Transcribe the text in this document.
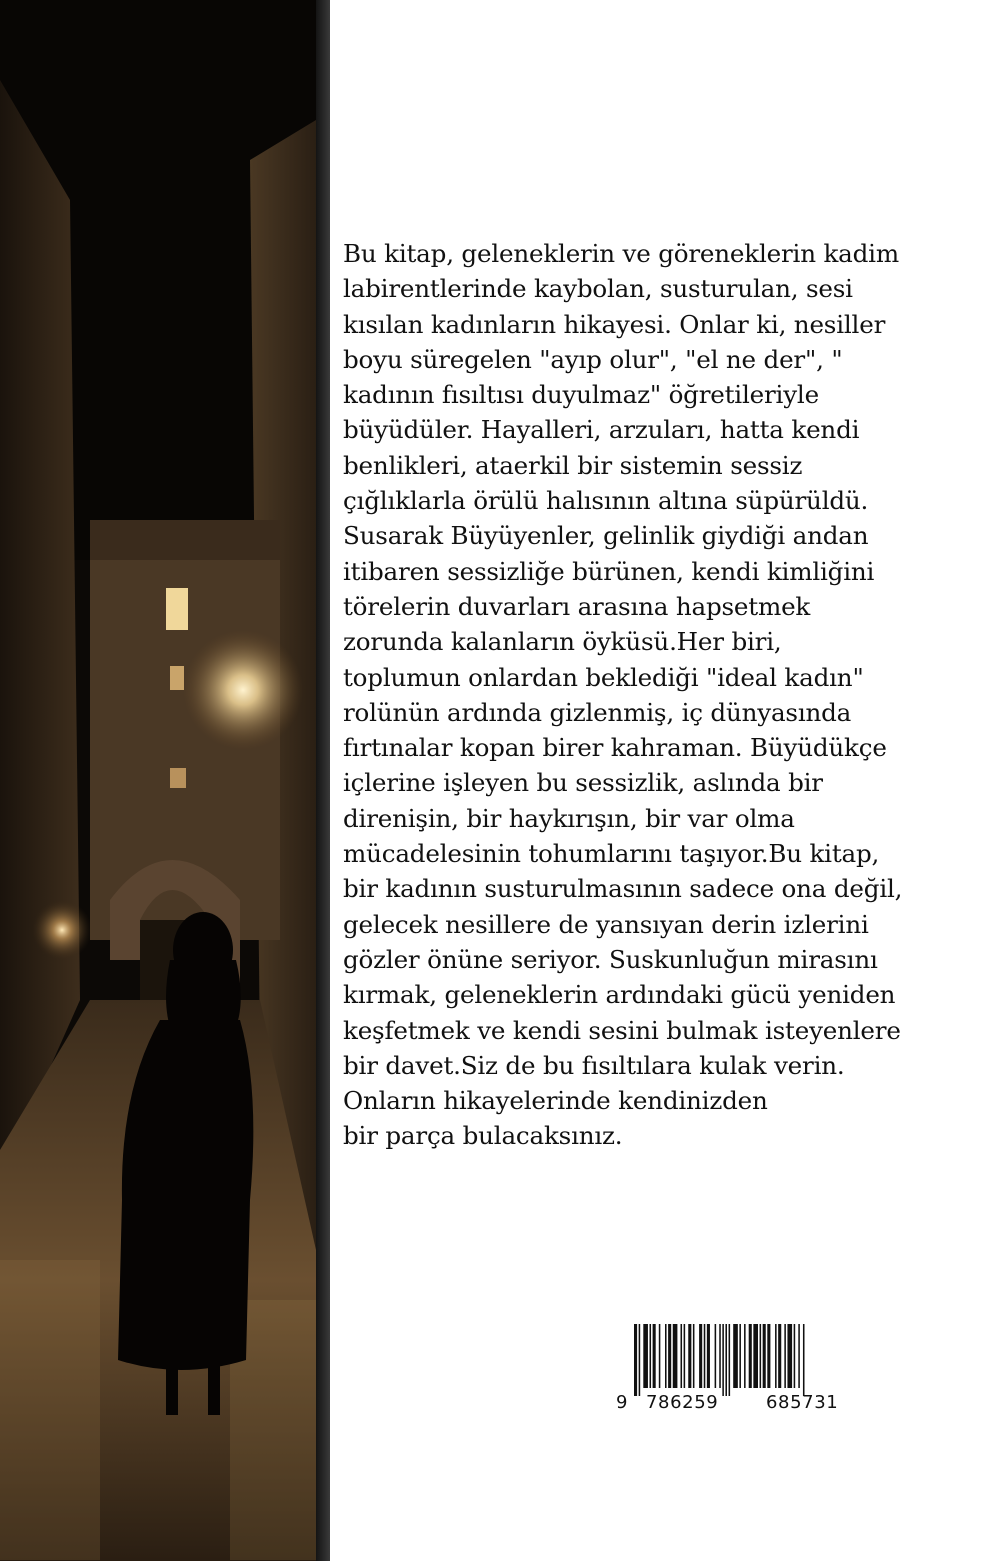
Bu kitap, geleneklerin ve göreneklerin kadim
labirentlerinde kaybolan, susturulan, sesi
kısılan kadınların hikayesi. Onlar ki, nesiller
boyu süregelen "ayıp olur", "el ne der", "
kadının fısıltısı duyulmaz" öğretileriyle
büyüdüler. Hayalleri, arzuları, hatta kendi
benlikleri, ataerkil bir sistemin sessiz
çığlıklarla örülü halısının altına süpürüldü.
Susarak Büyüyenler, gelinlik giydiği andan
itibaren sessizliğe bürünen, kendi kimliğini
törelerin duvarları arasına hapsetmek
zorunda kalanların öyküsü.Her biri,
toplumun onlardan beklediği "ideal kadın"
rolünün ardında gizlenmiş, iç dünyasında
fırtınalar kopan birer kahraman. Büyüdükçe
içlerine işleyen bu sessizlik, aslında bir
direnişin, bir haykırışın, bir var olma
mücadelesinin tohumlarını taşıyor.Bu kitap,
bir kadının susturulmasının sadece ona değil,
gelecek nesillere de yansıyan derin izlerini
gözler önüne seriyor. Suskunluğun mirasını
kırmak, geleneklerin ardındaki gücü yeniden
keşfetmek ve kendi sesini bulmak isteyenlere
bir davet.Siz de bu fısıltılara kulak verin.
Onların hikayelerinde kendinizden
bir parça bulacaksınız.
9 786259	685731
